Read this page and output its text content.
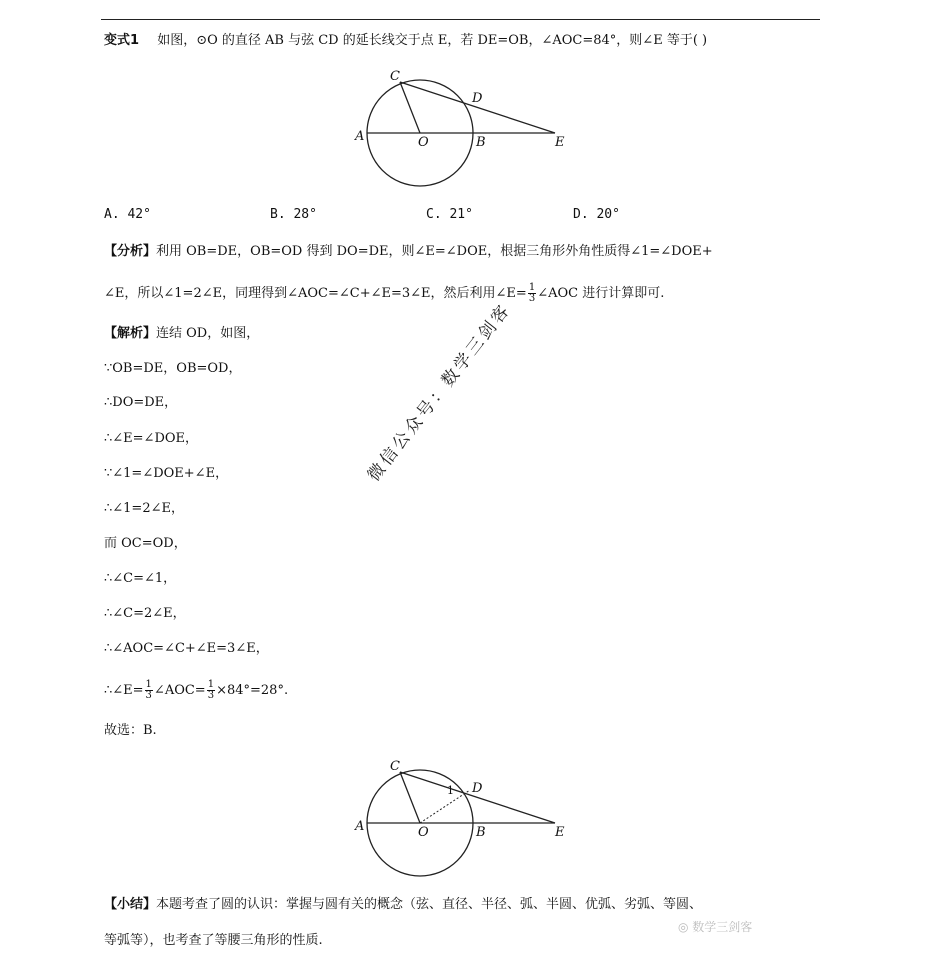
变式1 如图，⊙O 的直径 AB 与弦 CD 的延长线交于点 E，若 DE=OB，∠AOC=84°，则∠E 等于( )
C
D
A	O	B	E
A. 42°	B. 28°	C. 21°	D. 20°
【分析】利用 OB=DE，OB=OD 得到 DO=DE，则∠E=∠DOE，根据三角形外角性质得∠1=∠DOE+
∠E，所以∠1=2∠E，同理得到∠AOC=∠C+∠E=3∠E，然后利用∠E= $\frac{1}{3}$ ∠AOC 进行计算即可.
【解析】连结 OD，如图，
∵OB=DE，OB=OD，
∴DO=DE，
∴∠E=∠DOE，
∵∠1=∠DOE+∠E，
∴∠1=2∠E，
而 OC=OD，
∴∠C=∠1，
∴∠C=2∠E，
∴∠AOC=∠C+∠E=3∠E，
∴∠E= $\frac{1}{3}$ ∠AOC= $\frac{1}{3} \times 84^\circ=28^\circ$.
故选：B.
C
D
A	O	B	E
1
【小结】本题考查了圆的认识：掌握与圆有关的概念（弦、直径、半径、弧、半圆、优弧、劣弧、等圆、
等弧等），也考查了等腰三角形的性质.
微信公众号：数学三剑客
◎ 数学三剑客
